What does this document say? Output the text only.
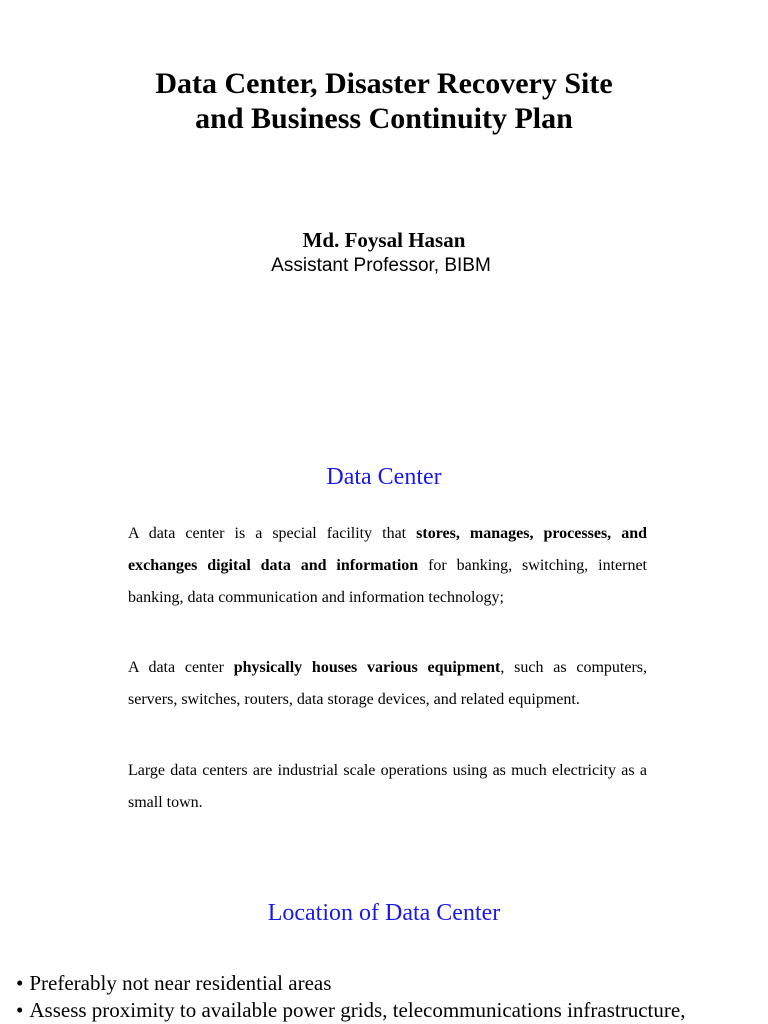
Data Center, Disaster Recovery Site
and Business Continuity Plan
Md. Foysal Hasan
Assistant Professor, BIBM
Data Center

A data center is a special facility that stores, manages, processes, and exchanges digital data and information for banking, switching, internet banking, data communication and information technology;

A data center physically houses various equipment, such as computers, servers, switches, routers, data storage devices, and related equipment.

Large data centers are industrial scale operations using as much electricity as a small town.

Location of Data Center
• Preferably not near residential areas
• Assess proximity to available power grids, telecommunications infrastructure,
